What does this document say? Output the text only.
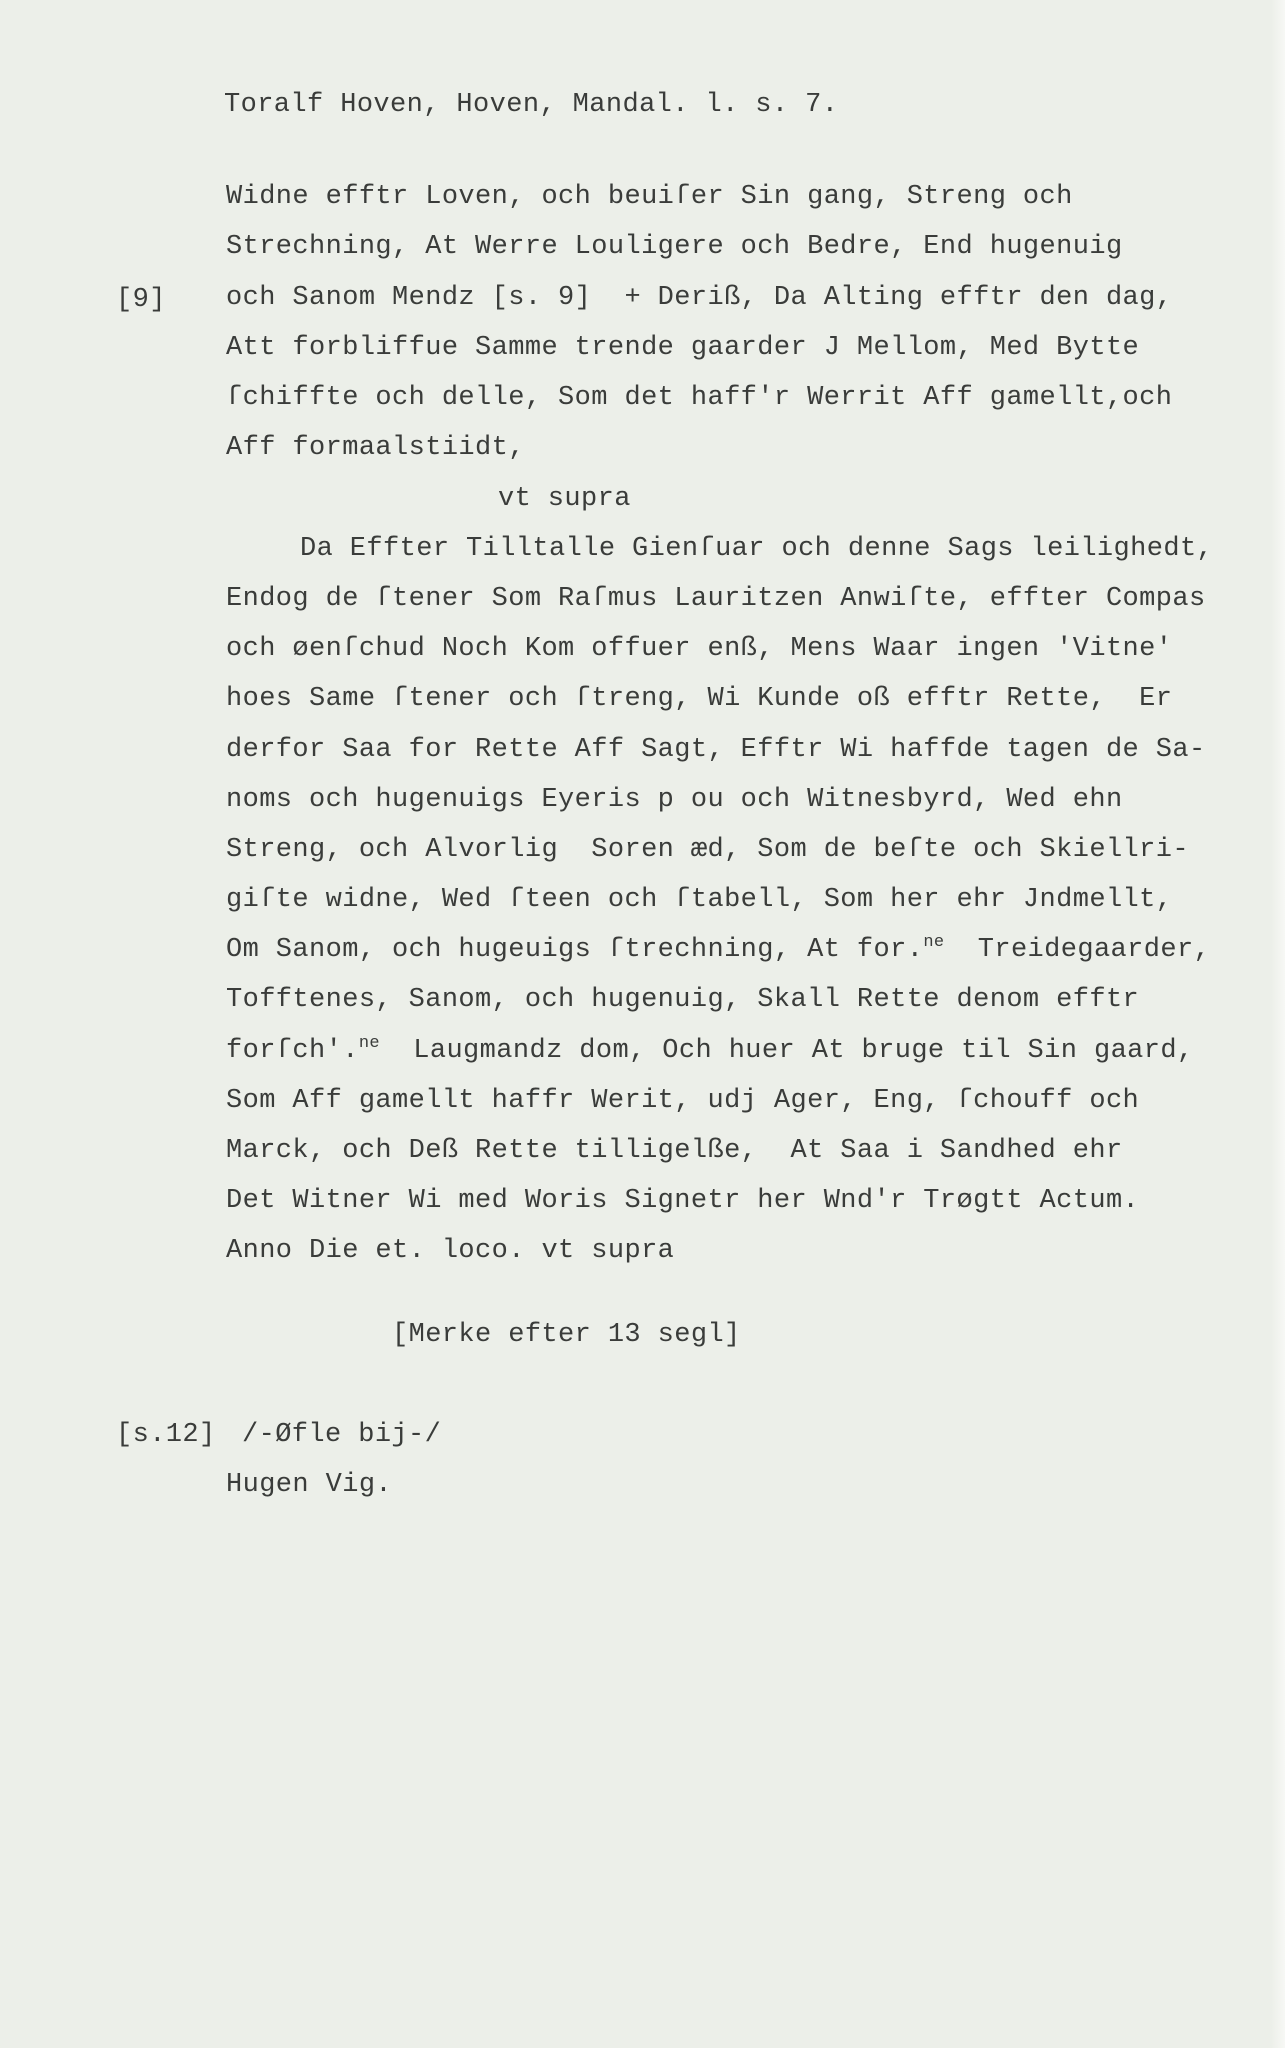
Toralf Hoven, Hoven, Mandal. l. s. 7.
Widne efftr Loven, och beuiſer Sin gang, Streng och
Strechning, At Werre Louligere och Bedre, End hugenuig
[9] och Sanom Mendz [s. 9]  + Deriß, Da Alting efftr den dag,
Att forbliffue Samme trende gaarder J Mellom, Med Bytte
ſchiffte och delle, Som det haff'r Werrit Aff gamellt,och
Aff formaalstiidt,
vt supra
Da Effter Tilltalle Gienſuar och denne Sags leilighedt,
Endog de ſtener Som Raſmus Lauritzen Anwiſte, effter Compas
och øenſchud Noch Kom offuer enß, Mens Waar ingen 'Vitne'
hoes Same ſtener och ſtreng, Wi Kunde oß efftr Rette,  Er
derfor Saa for Rette Aff Sagt, Efftr Wi haffde tagen de Sa-
noms och hugenuigs Eyeris p ou och Witnesbyrd, Wed ehn
Streng, och Alvorlig  Soren æd, Som de beſte och Skiellri-
giſte widne, Wed ſteen och ſtabell, Som her ehr Jndmellt,
Om Sanom, och hugeuigs ſtrechning, At for.$^{ne}$  Treidegaarder,
Tofftenes, Sanom, och hugenuig, Skall Rette denom efftr
forſch'.$^{ne}$  Laugmandz dom, Och huer At bruge til Sin gaard,
Som Aff gamellt haffr Werit, udj Ager, Eng, ſchouff och
Marck, och Deß Rette tilligelße,  At Saa i Sandhed ehr
Det Witner Wi med Woris Signetr her Wnd'r Trøgtt Actum.
Anno Die et. loco. vt supra
[Merke efter 13 segl]
[s.12] /-Øfle bij-/
Hugen Vig.
